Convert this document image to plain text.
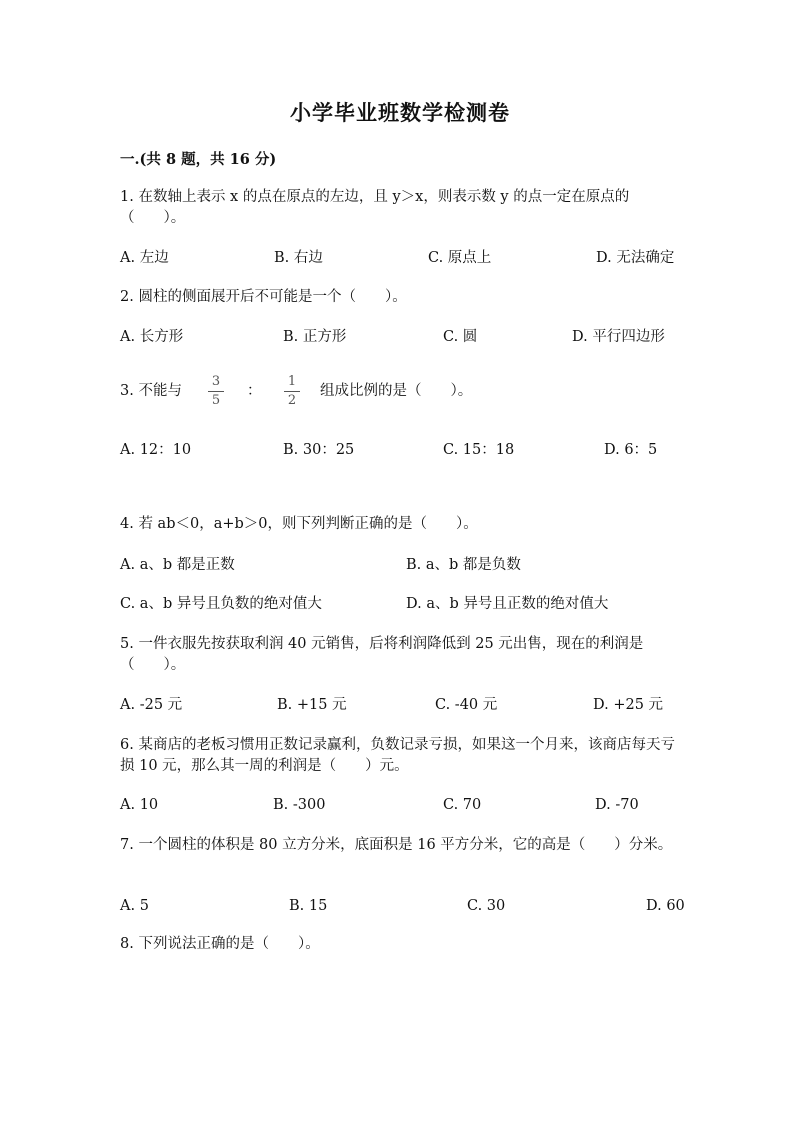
小学毕业班数学检测卷
一.(共 8 题，共 16 分)
1. 在数轴上表示 x 的点在原点的左边，且 y＞x，则表示数 y 的点一定在原点的（　　）。
A. 左边	B. 右边	C. 原点上	D. 无法确定
2. 圆柱的侧面展开后不可能是一个（　　）。
A. 长方形	B. 正方形	C. 圆	D. 平行四边形
3. 不能与
3
5
：
1
2
组成比例的是（　　）。
A. 12：10	B. 30：25	C. 15：18	D. 6：5
4. 若 ab＜0，a+b＞0，则下列判断正确的是（　　）。
A. a、b 都是正数	B. a、b 都是负数
C. a、b 异号且负数的绝对值大	D. a、b 异号且正数的绝对值大
5. 一件衣服先按获取利润 40 元销售，后将利润降低到 25 元出售，现在的利润是（　　）。
A. -25 元	B. +15 元	C. -40 元	D. +25 元
6. 某商店的老板习惯用正数记录赢利，负数记录亏损，如果这一个月来，该商店每天亏损 10 元，那么其一周的利润是（　　）元。
A. 10	B. -300	C. 70	D. -70
7. 一个圆柱的体积是 80 立方分米，底面积是 16 平方分米，它的高是（　　）分米。
A. 5	B. 15	C. 30	D. 60
8. 下列说法正确的是（　　）。
